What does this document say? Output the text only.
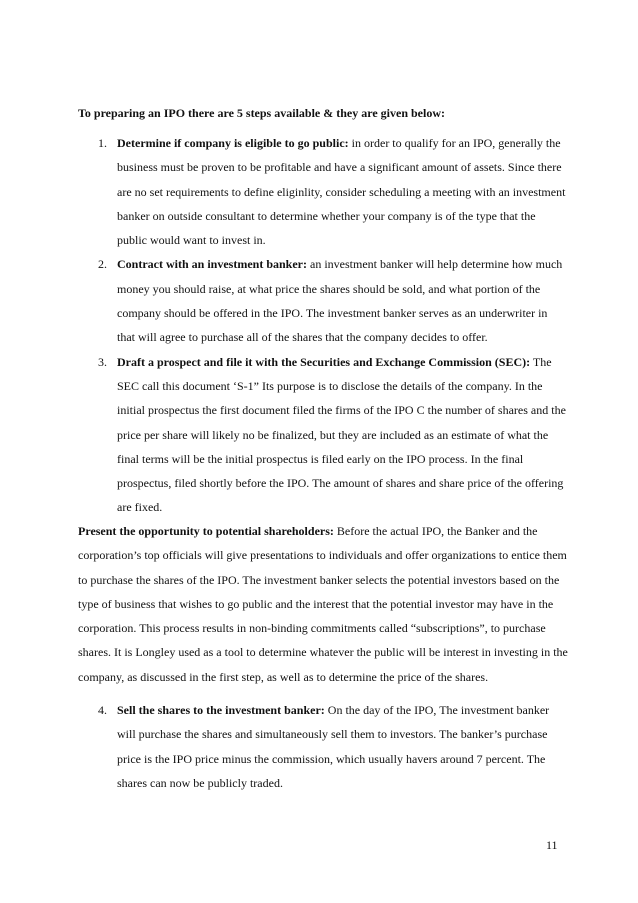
To preparing an IPO there are 5 steps available & they are given below:
1. Determine if company is eligible to go public: in order to qualify for an IPO, generally the business must be proven to be profitable and have a significant amount of assets. Since there are no set requirements to define eliginlity, consider scheduling a meeting with an investment banker on outside consultant to determine whether your company is of the type that the public would want to invest in.
2. Contract with an investment banker: an investment banker will help determine how much money you should raise, at what price the shares should be sold, and what portion of the company should be offered in the IPO. The investment banker serves as an underwriter in that will agree to purchase all of the shares that the company decides to offer.
3. Draft a prospect and file it with the Securities and Exchange Commission (SEC): The SEC call this document ‘S-1” Its purpose is to disclose the details of the company. In the initial prospectus the first document filed the firms of the IPO C the number of shares and the price per share will likely no be finalized, but they are included as an estimate of what the final terms will be the initial prospectus is filed early on the IPO process. In the final prospectus, filed shortly before the IPO. The amount of shares and share price of the offering are fixed.

Present the opportunity to potential shareholders: Before the actual IPO, the Banker and the corporation’s top officials will give presentations to individuals and offer organizations to entice them to purchase the shares of the IPO. The investment banker selects the potential investors based on the type of business that wishes to go public and the interest that the potential investor may have in the corporation. This process results in non-binding commitments called “subscriptions”, to purchase shares. It is Longley used as a tool to determine whatever the public will be interest in investing in the company, as discussed in the first step, as well as to determine the price of the shares.

4. Sell the shares to the investment banker: On the day of the IPO, The investment banker will purchase the shares and simultaneously sell them to investors. The banker’s purchase price is the IPO price minus the commission, which usually havers around 7 percent. The shares can now be publicly traded.
11
